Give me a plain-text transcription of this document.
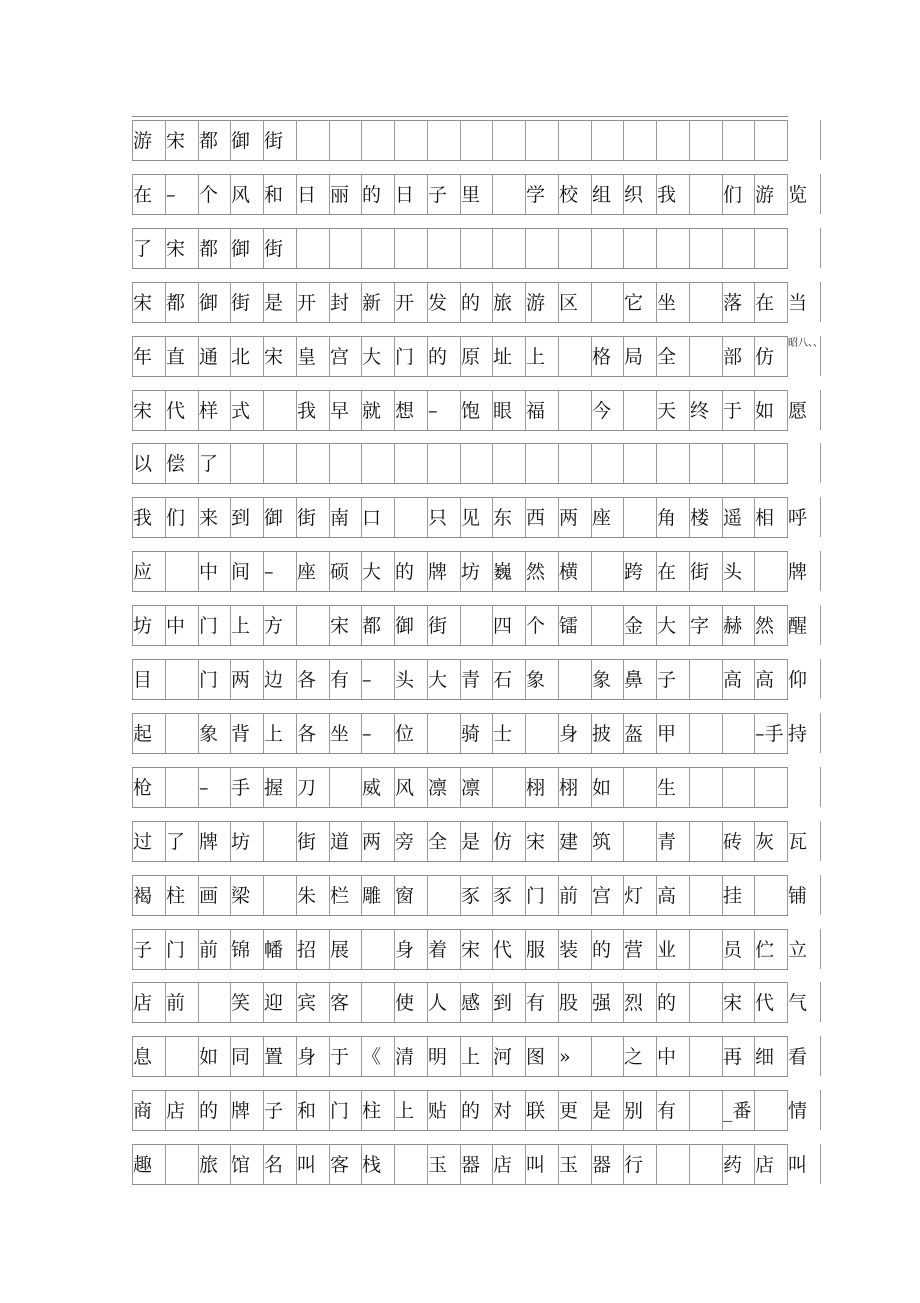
游 宋 都 御 街
在 –	个 风 和 日 丽 的 日 子 里	学 校 组 织 我	们 游 览
了 宋 都 御 街
宋 都 御 街 是 开 封 新 开 发 的 旅 游 区	它 坐	落 在 当
年 直 通 北 宋 皇 宫 大 门 的 原 址 上	格 局 全	部 仿
昭八、、
宋 代 样 式	我 早 就 想 –	饱 眼 福	今	天 终 于 如 愿
以 偿 了
我 们 来 到 御 街 南 口	只 见 东 西 两 座	角 楼 遥 相 呼
应	中 间 –	座 硕 大 的 牌 坊 巍 然 横	跨 在 街 头	牌
坊 中 门 上 方	宋 都 御 街	四 个 镭	金 大 字 赫 然 醒
目	门 两 边 各 有 –	头 大 青 石 象	象 鼻 子	高 高 仰
起	象 背 上 各 坐 –	位	骑 士	身 披 盔 甲	–手 持
枪	–	手 握 刀	威 风 凛 凛	栩 栩 如	生
过 了 牌 坊	街 道 两 旁 全 是 仿 宋 建 筑	青	砖 灰 瓦
褐 柱 画 梁	朱 栏 雕 窗	豕 豕 门 前 宫 灯 高	挂	铺
子 门 前 锦 幡 招 展	身 着 宋 代 服 装 的 营 业	员 伫 立
店 前	笑 迎 宾 客	使 人 感 到 有 股 强 烈 的	宋 代 气
息	如 同 置 身 于 《 清 明 上 河 图 »	之 中	再 细 看
商 店 的 牌 子 和 门 柱 上 贴 的 对 联 更 是 别 有	_番 情
趣	旅 馆 名 叫 客 栈	玉 器 店 叫 玉 器 行	药 店 叫
